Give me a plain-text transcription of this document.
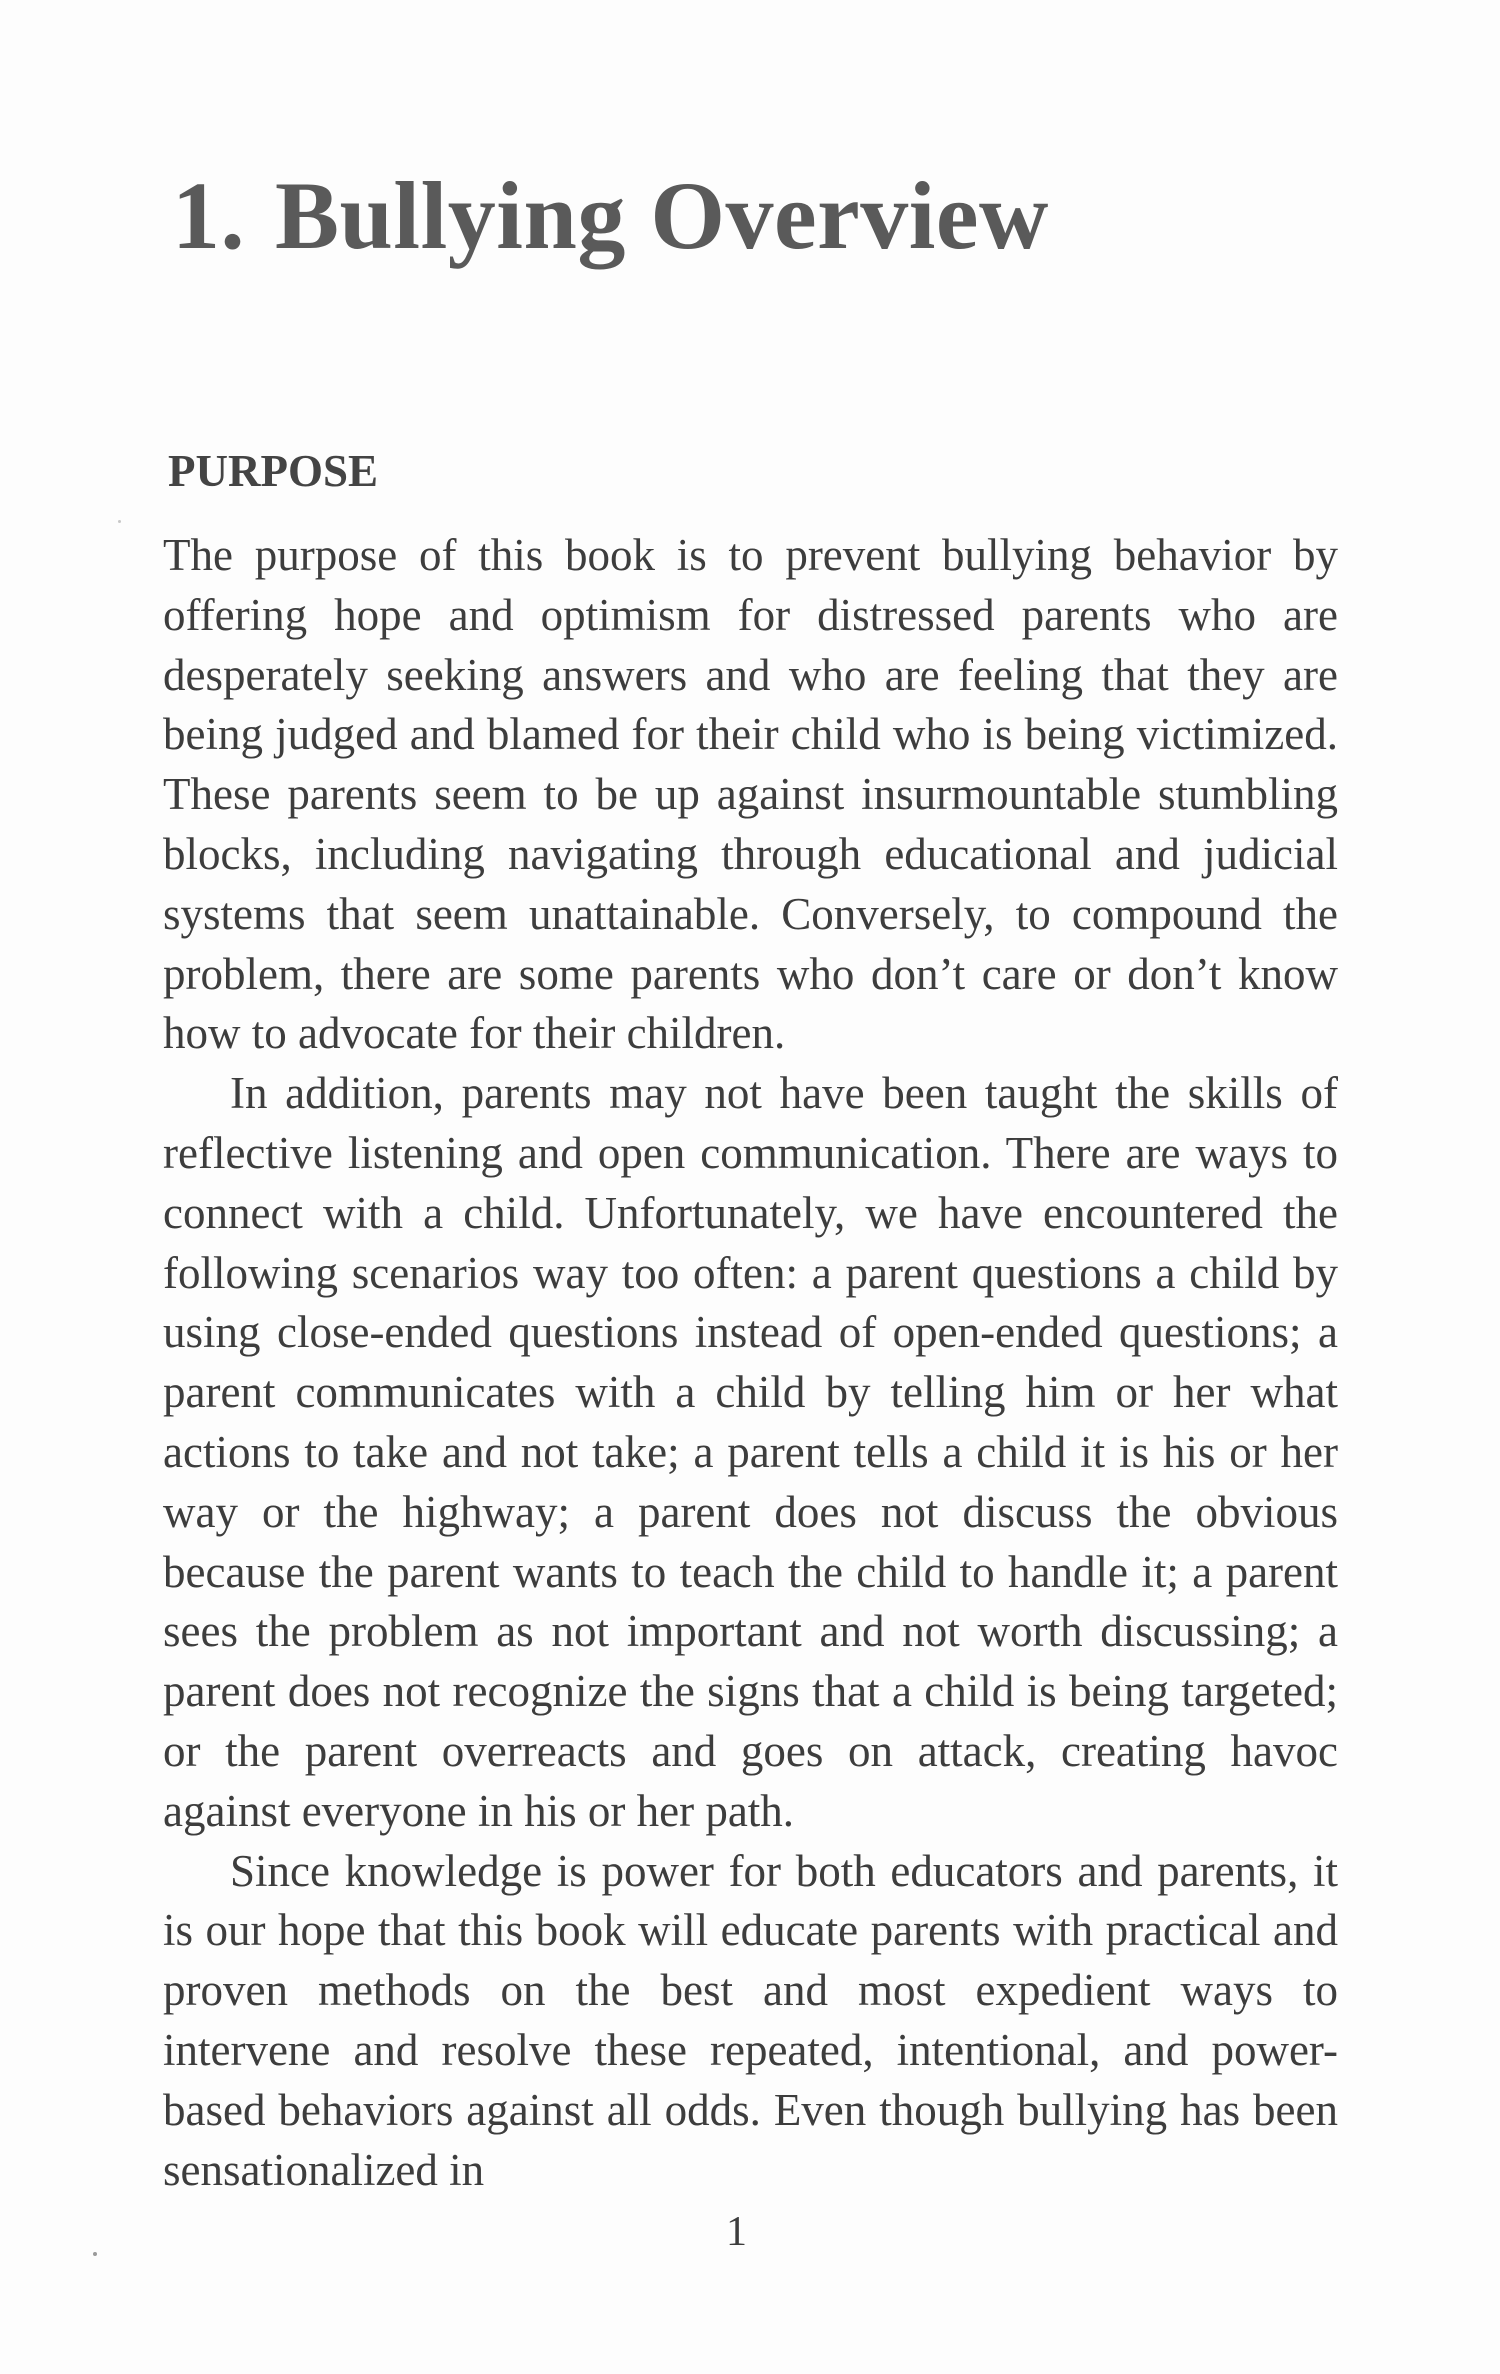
1. Bullying Overview
PURPOSE

The purpose of this book is to prevent bullying behavior by offering hope and optimism for distressed parents who are desperately seeking answers and who are feeling that they are being judged and blamed for their child who is being victimized. These parents seem to be up against insurmountable stumbling blocks, including navigating through educational and judicial systems that seem unattainable. Conversely, to compound the problem, there are some parents who don’t care or don’t know how to advocate for their children.

In addition, parents may not have been taught the skills of reflective listening and open communication. There are ways to connect with a child. Unfortunately, we have encountered the following scenarios way too often: a parent questions a child by using close-ended questions instead of open-ended questions; a parent communicates with a child by telling him or her what actions to take and not take; a parent tells a child it is his or her way or the highway; a parent does not discuss the obvious because the parent wants to teach the child to handle it; a parent sees the problem as not important and not worth discussing; a parent does not recognize the signs that a child is being targeted; or the parent overreacts and goes on attack, creating havoc against everyone in his or her path.

Since knowledge is power for both educators and parents, it is our hope that this book will educate parents with practical and proven methods on the best and most expedient ways to intervene and resolve these repeated, intentional, and power-based behaviors against all odds. Even though bullying has been sensationalized in

1
